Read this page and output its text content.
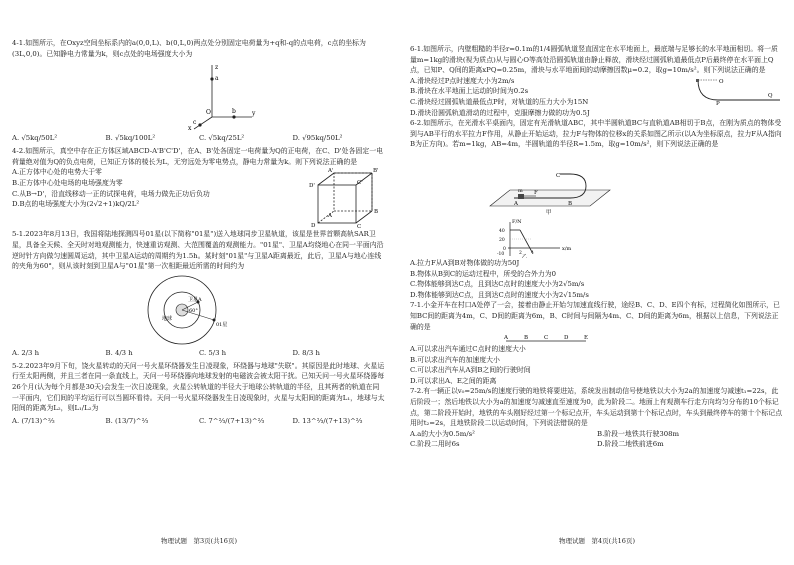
4-1.如图所示，在Oxyz空间坐标系内的a(0,0,L)、b(0,L,0)两点处分别固定电荷量为+q和-q的点电荷，c点的坐标为(3L,0,0)。已知静电力常量为k，则c点处的电场强度大小为

z
a
O	b	y
c
x
A. √5kq/50L²	B. √5kq/100L²	C. √5kq/25L²	D. √95kq/50L²

4-2.如图所示，真空中存在正方体区域ABCD-A'B'C'D'，在A、B'处各固定一电荷量为Q的正电荷，在C、D'处各固定一电荷量绝对值为Q的负点电荷，已知正方体的棱长为L，无穷远处为零电势点，静电力常量为k。则下列说法正确的是

A.正方体中心处的电势大于零

B.正方体中心处电场的电场强度为零

C.从B→D'，沿直线移动一正的试探电荷，电场力做先正功后负功

D.B点的电场强度大小为(2√2+1)kQ/2L²

A'	B'
C'
D'
A
B
C
D

5-1.2023年8月13日，我国将陆地探测四号01星(以下简称"01星")送入地球同步卫星轨道，该星是世界首颗高轨SAR卫星，具备全天候、全天时对地观测能力，快速重访观测、大范围覆盖的观测能力。"01星"、卫星A均绕地心在同一平面内沿逆时针方向做匀速圆周运动，其中卫星A运动的周期约为1.5h。某时刻"01星"与卫星A距离最近，此后，卫星A与地心连线的夹角为60°，则从该时刻到卫星A与"01星"第一次相距最近所需的时间约为

卫星A
60°
地球
01星
A. 2/3 h	B. 4/3 h	C. 5/3 h	D. 8/3 h

5-2.2023年9月下旬，饶火星转动的天问一号火星环绕器发生日凌现象，环绕器与地球"失联"。其原因是此时地球、火星运行至太阳两侧，并且三者在同一条直线上，天问一号环绕器向地球发射的电磁波会被太阳干扰。已知天问一号火星环绕器每26个月(认为每个月都是30天)会发生一次日凌现象，火星公转轨道的半径大于地球公转轨道的半径，且其两者的轨道在同一平面内，它们间的平均运行可以当圆环看待。天问一号火星环绕器发生日凌现象时，火星与太阳间的距离为L₁，地球与太阳间的距离为L₂，则L₁/L₂为

A. (7/13)^⅔	B. (13/7)^⅔	C. 7^⅔/(7+13)^⅔	D. 13^⅔/(7+13)^⅔
物理试题　第3页(共16页)

6-1.如图所示，内壁粗糙的半径r=0.1m的1/4圆弧轨道竖直固定在水平地面上，最底端与足够长的水平地面相切。将一质量m=1kg的滑块(视为质点)从与圆心O等高处沿圆弧轨道由静止释放，滑块经过圆弧轨道最低点P后最终停在水平面上Q点，已知P、Q间的距离xPQ=0.25m，滑块与水平地面间的动摩擦因数μ=0.2，取g=10m/s²。则下列说法正确的是

A.滑块经过P点时速度大小为2m/s

B.滑块在水平地面上运动的时间为0.2s

C.滑块经过圆弧轨道最低点P时，对轨道的压力大小为15N

D.滑块沿圆弧轨道滑动的过程中，克服摩擦力做的功为0.5J

O
P
Q

6-2.如图所示，在光滑水平桌面内，固定有光滑轨道ABC，其中半圆轨道BC与直轨道AB相切于B点，在刚为质点的物体受到与AB平行的水平拉力F作用，从静止开始运动，拉力F与物体的位移x的关系如图乙所示(以A为坐标原点，拉力F从A指向B为正方向)。若m=1kg，AB=4m，半圆轨道的半径R=1.5m，取g=10m/s²，则下列说法正确的是

C
m
A	B
F
甲
F/N
x/m
40
20
0
-10	2 4
乙

A.拉力F从A到B对物体做的功为50J

B.物体从B到C的运动过程中，所受的合外力为0

C.物体能够到达C点，且到达C点时的速度大小为2√5m/s

D.物体能够到达C点，且到达C点时的速度大小为2√15m/s

7-1.小金开车在村口A处停了一会，接着由静止开始匀加速直线行驶，途经B、C、D、E四个有标，过程简化如图所示，已知BC间的距离为4m，C、D间的距离为6m，B、C时间与间隔为4m、C、D间的距离为6m，根据以上信息，下列说法正确的是

A	B	C	D	E

A.可以求出汽车通过C点时的速度大小

B.可以求出汽车的加速度大小

C.可以求出汽车从A到B之间的行驶时间

D.可以求出A、E之间的距离

7-2.有一辆正以v₀=25m/s的速度行驶的地铁将要进站，系统发出制动信号使地铁以大小为2a的加速度匀减速t₁=22s，此后阶段一；然后地铁以大小为a的加速度匀减速直至速度为0，此为阶段二。地面上有观测车行走方向均匀分布的10个标记点，第二阶段开始时，地铁的车头刚好经过第一个标记点开，车头运动到第十个标记点时，车头到最终停车的第十个标记点用时t₂=2s，且地铁阶段二以运动时间，下列说法错误的是

A.a的大小为0.5m/s²	B.阶段一地铁共行驶308m

C.阶段二用时6s	D.阶段二地铁前进6m

物理试题　第4页(共16页)
